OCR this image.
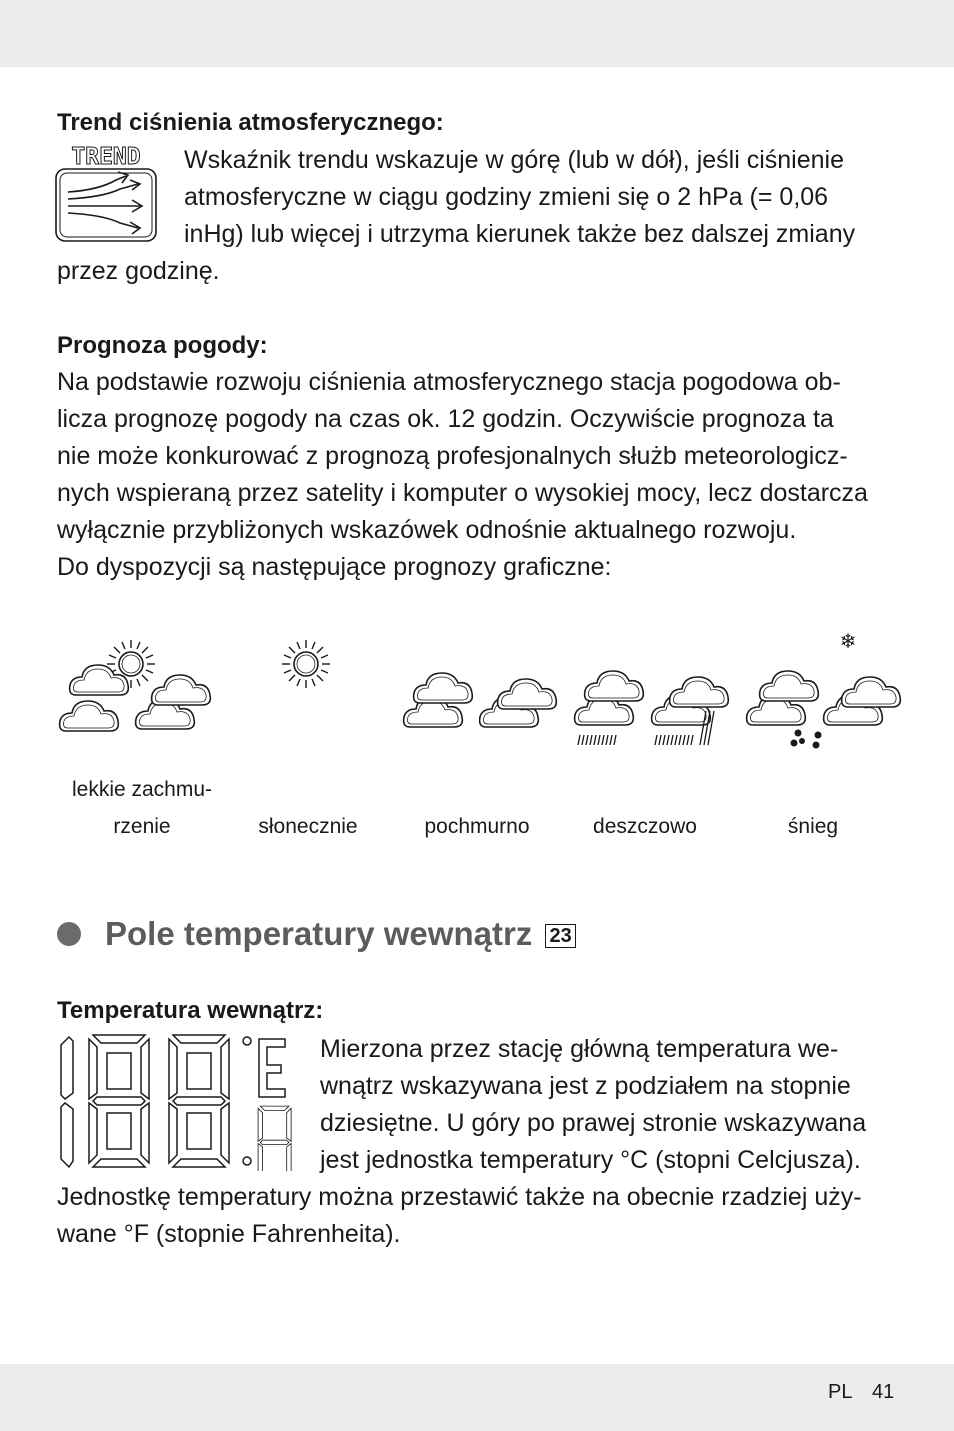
Trend ciśnienia atmosferycznego:
TREND Wskaźnik trendu wskazuje w górę (lub w dół), jeśli ciśnienie
atmosferyczne w ciągu godziny zmieni się o 2 hPa (= 0,06
inHg) lub więcej i utrzyma kierunek także bez dalszej zmiany
przez godzinę.
Prognoza pogody:
Na podstawie rozwoju ciśnienia atmosferycznego stacja pogodowa ob-
licza prognozę pogody na czas ok. 12 godzin. Oczywiście prognoza ta
nie może konkurować z prognozą profesjonalnych służb meteorologicz-
nych wspieraną przez satelity i komputer o wysokiej mocy, lecz dostarcza
wyłącznie przybliżonych wskazówek odnośnie aktualnego rozwoju.
Do dyspozycji są następujące prognozy graficzne:
❄
lekkie zachmu-
rzenie	słonecznie	pochmurno	deszczowo	śnieg
Pole temperatury wewnątrz 23
Temperatura wewnątrz:
Mierzona przez stację główną temperatura we-
wnątrz wskazywana jest z podziałem na stopnie
dziesiętne. U góry po prawej stronie wskazywana
jest jednostka temperatury °C (stopni Celcjusza).
Jednostkę temperatury można przestawić także na obecnie rzadziej uży-
wane °F (stopnie Fahrenheita).
PL 41
